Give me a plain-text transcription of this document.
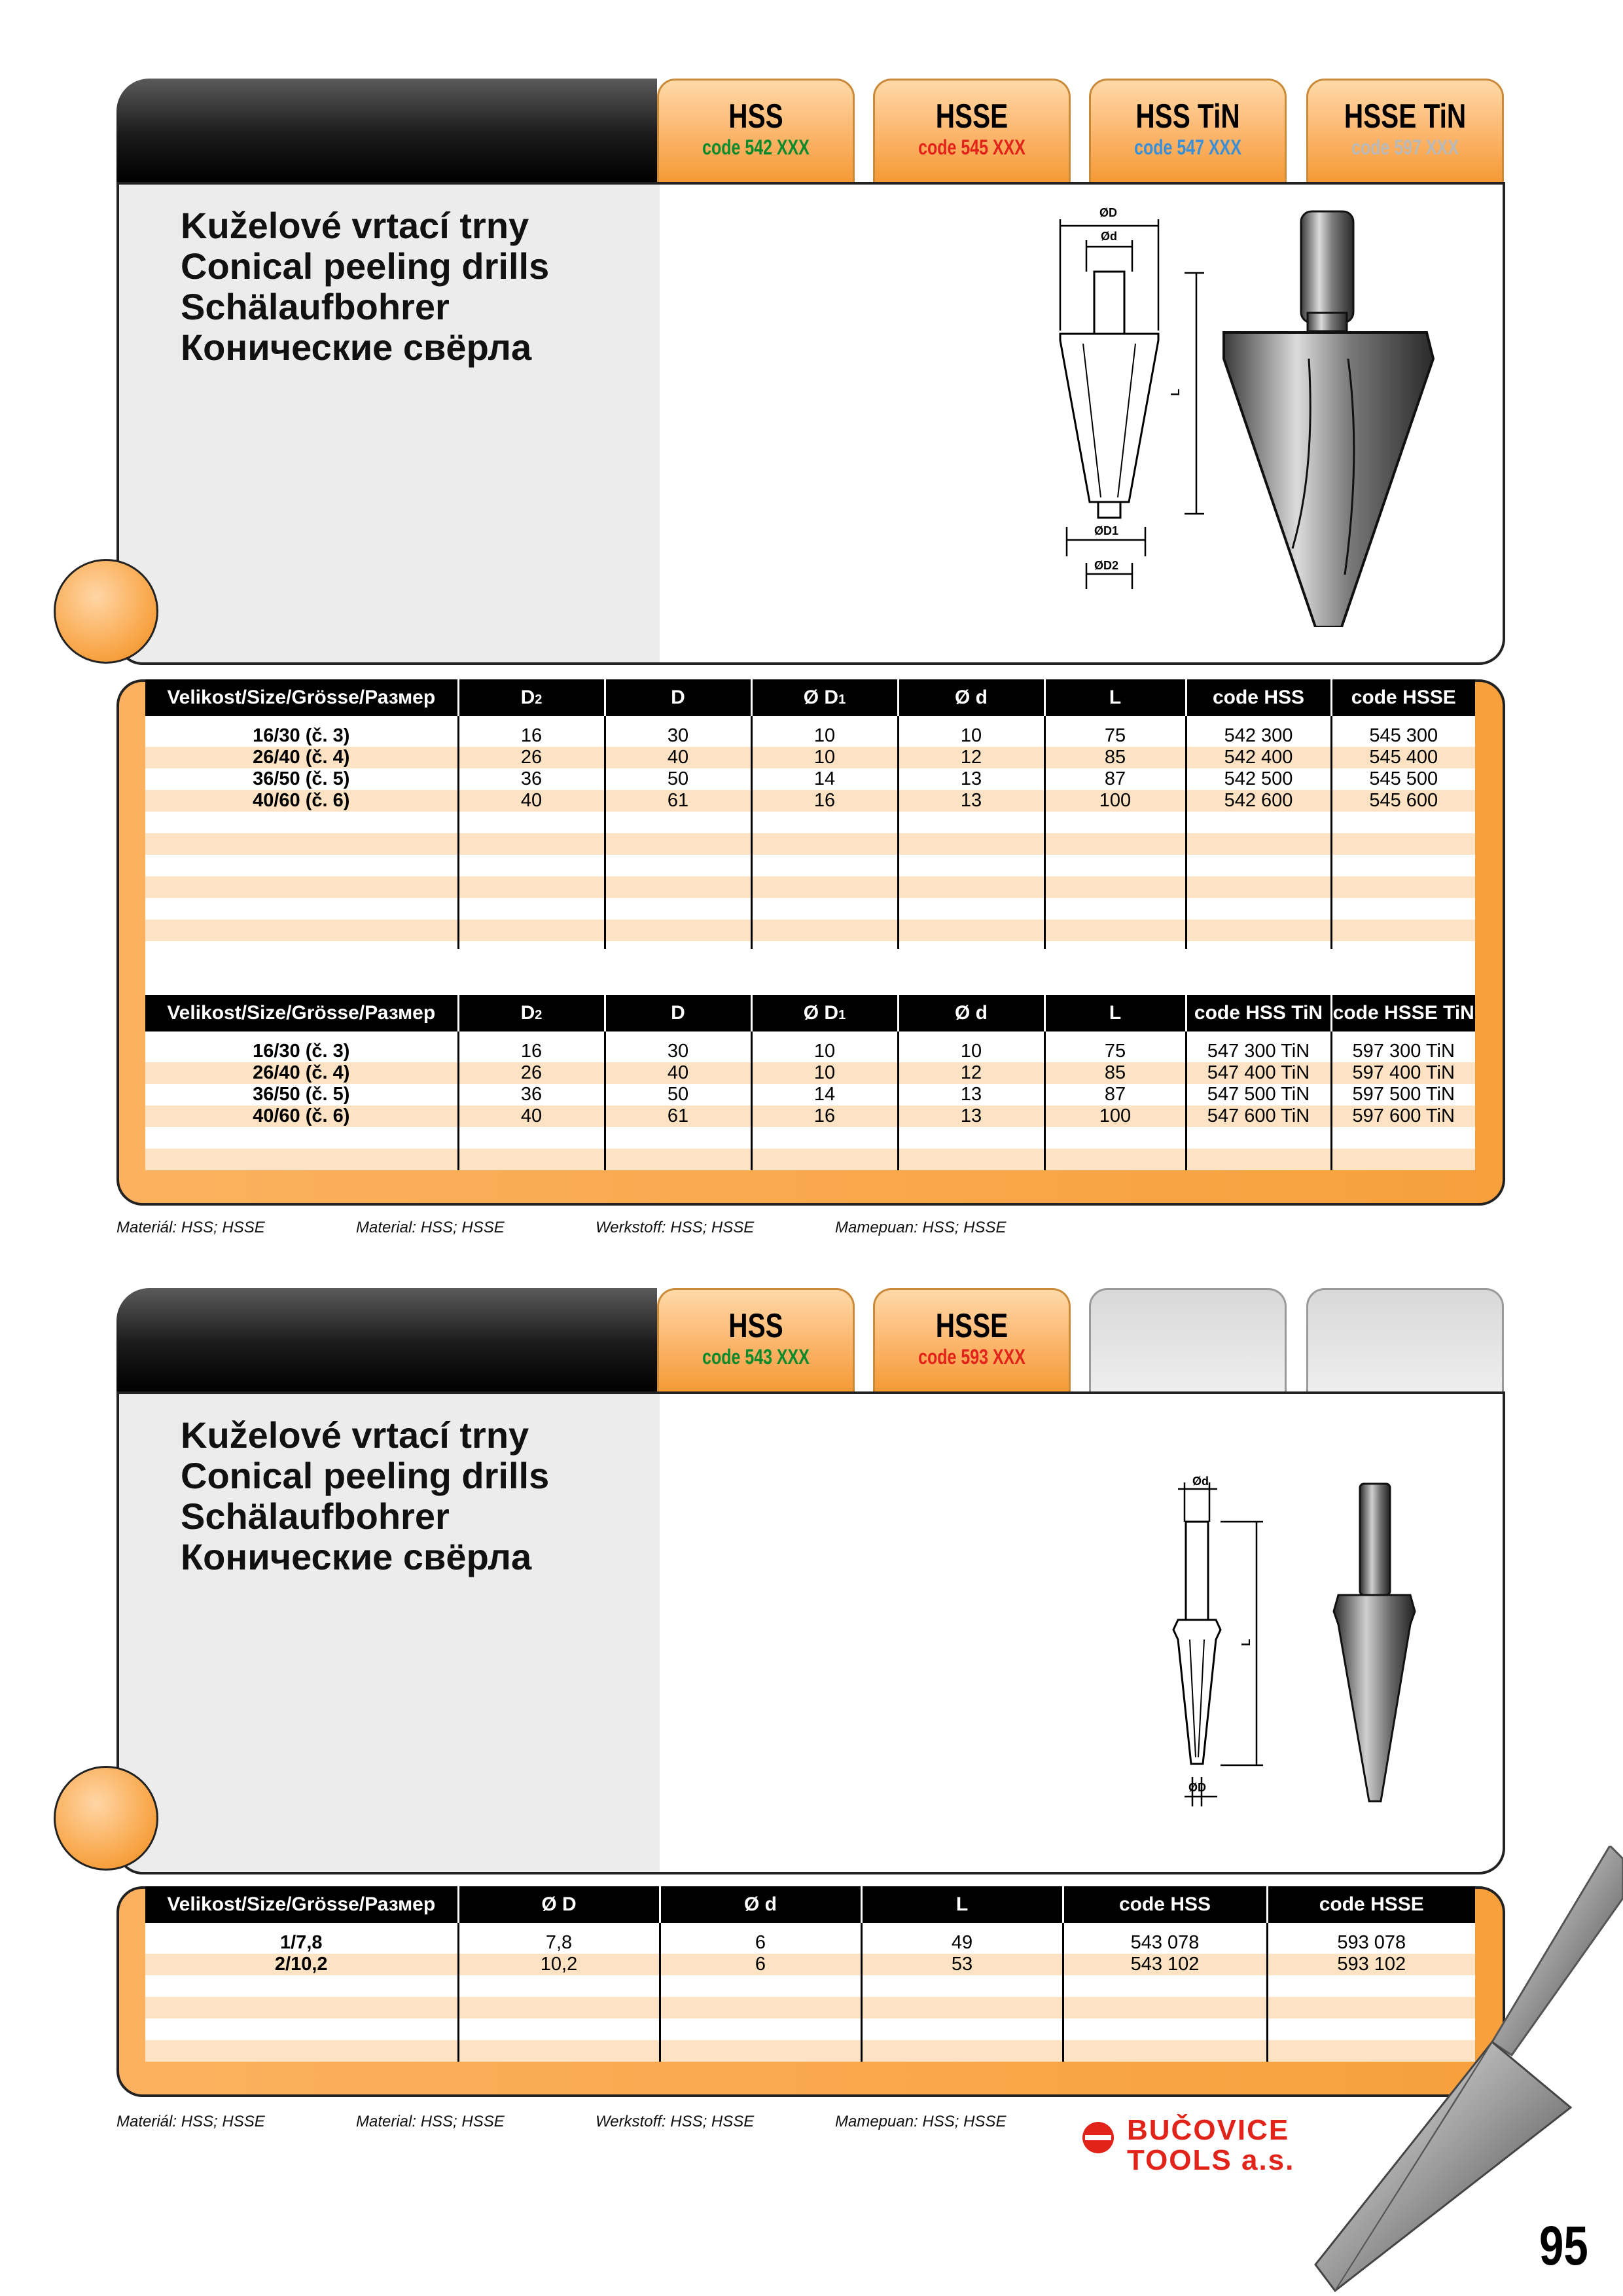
HSS
code 542 XXX
HSSE
code 545 XXX
HSS TiN
code 547 XXX
HSSE TiN
code 597 XXX
Kuželové vrtací trny
Conical peeling drills
Schälaufbohrer
Конические свёрла
ØD
Ød
L
ØD1
ØD2
Velikost/Size/Grösse/Размер	D2	D	Ø D1	Ø d	L	code HSS	code HSSE

16/30 (č. 3)	16	30	10	10	75	542 300	545 300
26/40 (č. 4)	26	40	10	12	85	542 400	545 400
36/50 (č. 5)	36	50	14	13	87	542 500	545 500
40/60 (č. 6)	40	61	16	13	100	542 600	545 600

Velikost/Size/Grösse/Размер	D2	D	Ø D1	Ø d	L	code HSS TiN	code HSSE TiN

16/30 (č. 3)	16	30	10	10	75	547 300 TiN	597 300 TiN
26/40 (č. 4)	26	40	10	12	85	547 400 TiN	597 400 TiN
36/50 (č. 5)	36	50	14	13	87	547 500 TiN	597 500 TiN
40/60 (č. 6)	40	61	16	13	100	547 600 TiN	597 600 TiN

Materiál: HSS; HSSE	Material: HSS; HSSE	Werkstoff: HSS; HSSE	Mamepuan: HSS; HSSE
HSS
code 543 XXX
HSSE
code 593 XXX
Kuželové vrtací trny
Conical peeling drills
Schälaufbohrer
Конические свёрла
Ød
L
ØD
Velikost/Size/Grösse/Размер	Ø D	Ø d	L	code HSS	code HSSE

1/7,8	7,8	6	49	543 078	593 078
2/10,2	10,2	6	53	543 102	593 102

Materiál: HSS; HSSE	Material: HSS; HSSE	Werkstoff: HSS; HSSE	Mamepuan: HSS; HSSE	BUČOVICE
TOOLS a.s.
95
